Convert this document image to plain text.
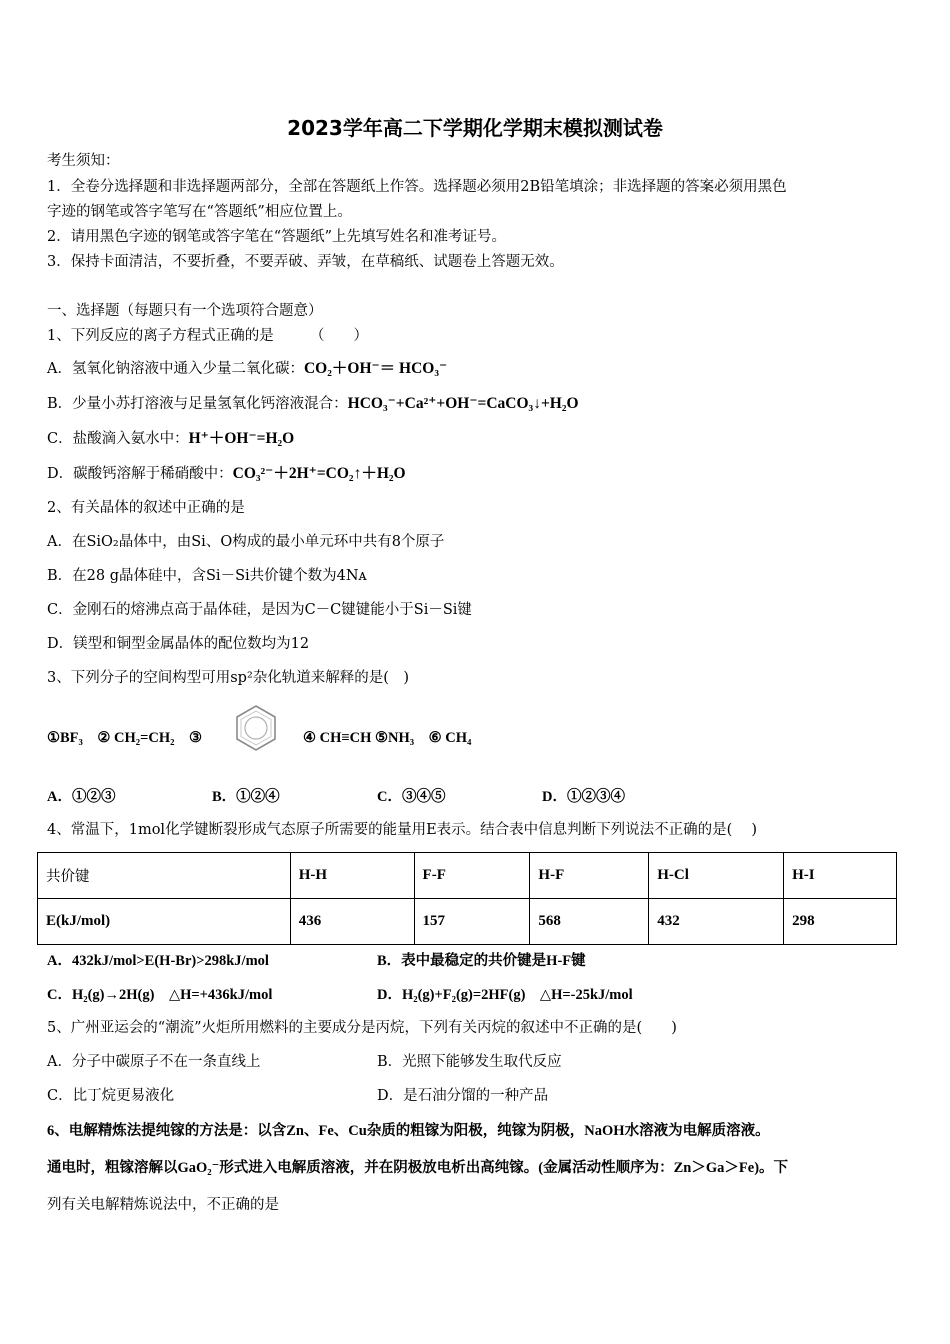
2023学年高二下学期化学期末模拟测试卷
考生须知：
1．全卷分选择题和非选择题两部分，全部在答题纸上作答。选择题必须用2B铅笔填涂；非选择题的答案必须用黑色
字迹的钢笔或答字笔写在“答题纸”相应位置上。
2．请用黑色字迹的钢笔或答字笔在“答题纸”上先填写姓名和准考证号。
3．保持卡面清洁，不要折叠，不要弄破、弄皱，在草稿纸、试题卷上答题无效。
一、选择题（每题只有一个选项符合题意）
1、下列反应的离子方程式正确的是　　　（　　）
A．氢氧化钠溶液中通入少量二氧化碳：CO₂＋OH⁻＝ HCO₃⁻
B．少量小苏打溶液与足量氢氧化钙溶液混合：HCO₃⁻+Ca²⁺+OH⁻=CaCO₃↓+H₂O
C．盐酸滴入氨水中：H⁺＋OH⁻=H₂O
D．碳酸钙溶解于稀硝酸中：CO₃²⁻＋2H⁺=CO₂↑＋H₂O
2、有关晶体的叙述中正确的是
A．在SiO₂晶体中，由Si、O构成的最小单元环中共有8个原子
B．在28 g晶体硅中，含Si－Si共价键个数为4Nᴀ
C．金刚石的熔沸点高于晶体硅，是因为C－C键键能小于Si－Si键
D．镁型和铜型金属晶体的配位数均为12
3、下列分子的空间构型可用sp²杂化轨道来解释的是(　)
①BF₃　② CH₂=CH₂　③	④ CH≡CH ⑤NH₃　⑥ CH₄
A．①②③	B．①②④	C．③④⑤	D．①②③④
4、常温下，1mol化学键断裂形成气态原子所需要的能量用E表示。结合表中信息判断下列说法不正确的是(　 )
共价键	H-H	F-F	H-F	H-Cl	H-I
E(kJ/mol)	436	157	568	432	298
A．432kJ/mol>E(H-Br)>298kJ/mol	B．表中最稳定的共价键是H-F键
C．H₂(g)→2H(g)　△H=+436kJ/mol	D．H₂(g)+F₂(g)=2HF(g)　△H=-25kJ/mol
5、广州亚运会的“潮流”火炬所用燃料的主要成分是丙烷，下列有关丙烷的叙述中不正确的是(　　)
A．分子中碳原子不在一条直线上	B．光照下能够发生取代反应
C．比丁烷更易液化	D．是石油分馏的一种产品
6、电解精炼法提纯镓的方法是：以含Zn、Fe、Cu杂质的粗镓为阳极，纯镓为阴极，NaOH水溶液为电解质溶液。
通电时，粗镓溶解以GaO₂⁻形式进入电解质溶液，并在阴极放电析出高纯镓。(金属活动性顺序为：Zn＞Ga＞Fe)。下
列有关电解精炼说法中，不正确的是
